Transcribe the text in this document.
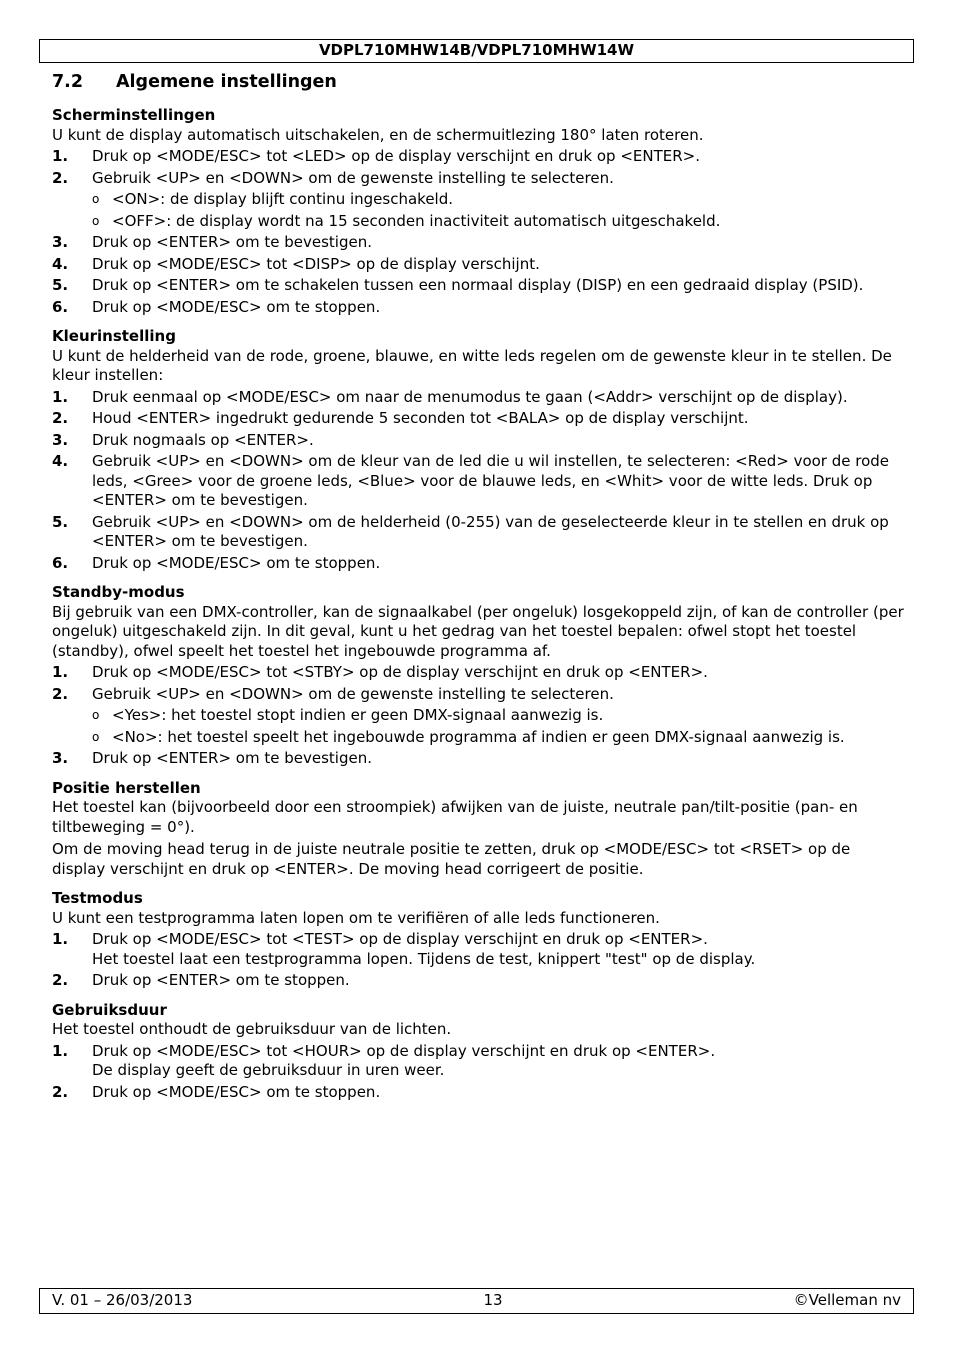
VDPL710MHW14B/VDPL710MHW14W
7.2 Algemene instellingen
Scherminstellingen
U kunt de display automatisch uitschakelen, en de schermuitlezing 180° laten roteren.
1. Druk op <MODE/ESC> tot <LED> op de display verschijnt en druk op <ENTER>.
2. Gebruik <UP> en <DOWN> om de gewenste instelling te selecteren.
o <ON>: de display blijft continu ingeschakeld.
o <OFF>: de display wordt na 15 seconden inactiviteit automatisch uitgeschakeld.
3. Druk op <ENTER> om te bevestigen.
4. Druk op <MODE/ESC> tot <DISP> op de display verschijnt.
5. Druk op <ENTER> om te schakelen tussen een normaal display (DISP) en een gedraaid display (PSID).
6. Druk op <MODE/ESC> om te stoppen.
Kleurinstelling
U kunt de helderheid van de rode, groene, blauwe, en witte leds regelen om de gewenste kleur in te stellen. De kleur instellen:
1. Druk eenmaal op <MODE/ESC> om naar de menumodus te gaan (<Addr> verschijnt op de display).
2. Houd <ENTER> ingedrukt gedurende 5 seconden tot <BALA> op de display verschijnt.
3. Druk nogmaals op <ENTER>.
4. Gebruik <UP> en <DOWN> om de kleur van de led die u wil instellen, te selecteren: <Red> voor de rode leds, <Gree> voor de groene leds, <Blue> voor de blauwe leds, en <Whit> voor de witte leds. Druk op <ENTER> om te bevestigen.
5. Gebruik <UP> en <DOWN> om de helderheid (0-255) van de geselecteerde kleur in te stellen en druk op <ENTER> om te bevestigen.
6. Druk op <MODE/ESC> om te stoppen.
Standby-modus
Bij gebruik van een DMX-controller, kan de signaalkabel (per ongeluk) losgekoppeld zijn, of kan de controller (per ongeluk) uitgeschakeld zijn. In dit geval, kunt u het gedrag van het toestel bepalen: ofwel stopt het toestel (standby), ofwel speelt het toestel het ingebouwde programma af.
1. Druk op <MODE/ESC> tot <STBY> op de display verschijnt en druk op <ENTER>.
2. Gebruik <UP> en <DOWN> om de gewenste instelling te selecteren.
o <Yes>: het toestel stopt indien er geen DMX-signaal aanwezig is.
o <No>: het toestel speelt het ingebouwde programma af indien er geen DMX-signaal aanwezig is.
3. Druk op <ENTER> om te bevestigen.
Positie herstellen
Het toestel kan (bijvoorbeeld door een stroompiek) afwijken van de juiste, neutrale pan/tilt-positie (pan- en tiltbeweging = 0°).
Om de moving head terug in de juiste neutrale positie te zetten, druk op <MODE/ESC> tot <RSET> op de display verschijnt en druk op <ENTER>. De moving head corrigeert de positie.
Testmodus
U kunt een testprogramma laten lopen om te verifiëren of alle leds functioneren.
1. Druk op <MODE/ESC> tot <TEST> op de display verschijnt en druk op <ENTER>.
Het toestel laat een testprogramma lopen. Tijdens de test, knippert "test" op de display.
2. Druk op <ENTER> om te stoppen.
Gebruiksduur
Het toestel onthoudt de gebruiksduur van de lichten.
1. Druk op <MODE/ESC> tot <HOUR> op de display verschijnt en druk op <ENTER>.
De display geeft de gebruiksduur in uren weer.
2. Druk op <MODE/ESC> om te stoppen.
V. 01 – 26/03/2013	13	©Velleman nv
